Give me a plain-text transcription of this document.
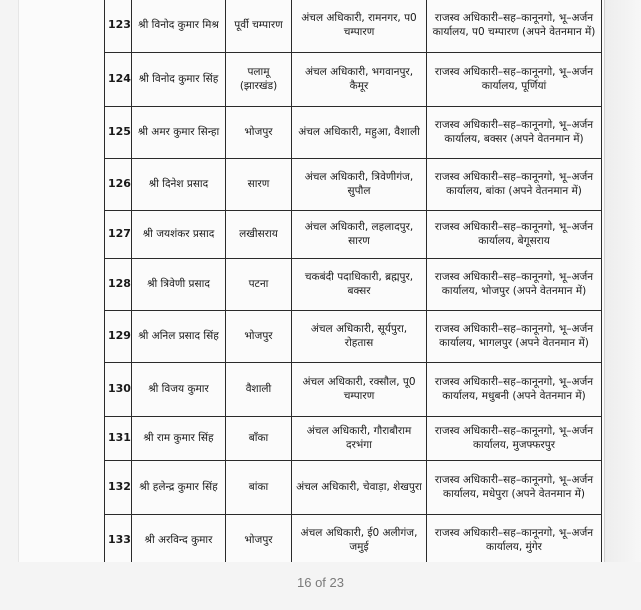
123	श्री विनोद कुमार मिश्र	पूर्वी चम्पारण	अंचल अधिकारी, रामनगर, प0 चम्पारण	राजस्व अधिकारी–सह–कानूनगो, भू–अर्जन कार्यालय, प0 चम्पारण (अपने वेतनमान में)
124	श्री विनोद कुमार सिंह	पलामू (झारखंड)	अंचल अधिकारी, भगवानपुर, कैमूर	राजस्व अधिकारी–सह–कानूनगो, भू–अर्जन कार्यालय, पूर्णियां
125	श्री अमर कुमार सिन्हा	भोजपुर	अंचल अधिकारी, महुआ, वैशाली	राजस्व अधिकारी–सह–कानूनगो, भू–अर्जन कार्यालय, बक्सर (अपने वेतनमान में)
126	श्री दिनेश प्रसाद	सारण	अंचल अधिकारी, त्रिवेणीगंज, सुपौल	राजस्व अधिकारी–सह–कानूनगो, भू–अर्जन कार्यालय, बांका (अपने वेतनमान में)
127	श्री जयशंकर प्रसाद	लखीसराय	अंचल अधिकारी, लहलादपुर, सारण	राजस्व अधिकारी–सह–कानूनगो, भू–अर्जन कार्यालय, बेगूसराय
128	श्री त्रिवेणी प्रसाद	पटना	चकबंदी पदाधिकारी, ब्रह्मपुर, बक्सर	राजस्व अधिकारी–सह–कानूनगो, भू–अर्जन कार्यालय, भोजपुर (अपने वेतनमान में)
129	श्री अनिल प्रसाद सिंह	भोजपुर	अंचल अधिकारी, सूर्यपुरा, रोहतास	राजस्व अधिकारी–सह–कानूनगो, भू–अर्जन कार्यालय, भागलपुर (अपने वेतनमान में)
130	श्री विजय कुमार	वैशाली	अंचल अधिकारी, रक्सौल, पू0 चम्पारण	राजस्व अधिकारी–सह–कानूनगो, भू–अर्जन कार्यालय, मधुबनी (अपने वेतनमान में)
131	श्री राम कुमार सिंह	बाँका	अंचल अधिकारी, गौराबौराम दरभंगा	राजस्व अधिकारी–सह–कानूनगो, भू–अर्जन कार्यालय, मुजफ्फरपुर
132	श्री हलेन्द्र कुमार सिंह	बांका	अंचल अधिकारी, चेवाड़ा, शेखपुरा	राजस्व अधिकारी–सह–कानूनगो, भू–अर्जन कार्यालय, मधेपुरा (अपने वेतनमान में)
133	श्री अरविन्द कुमार	भोजपुर	अंचल अधिकारी, ई0 अलीगंज, जमुई	राजस्व अधिकारी–सह–कानूनगो, भू–अर्जन कार्यालय, मुंगेर
16 of 23
